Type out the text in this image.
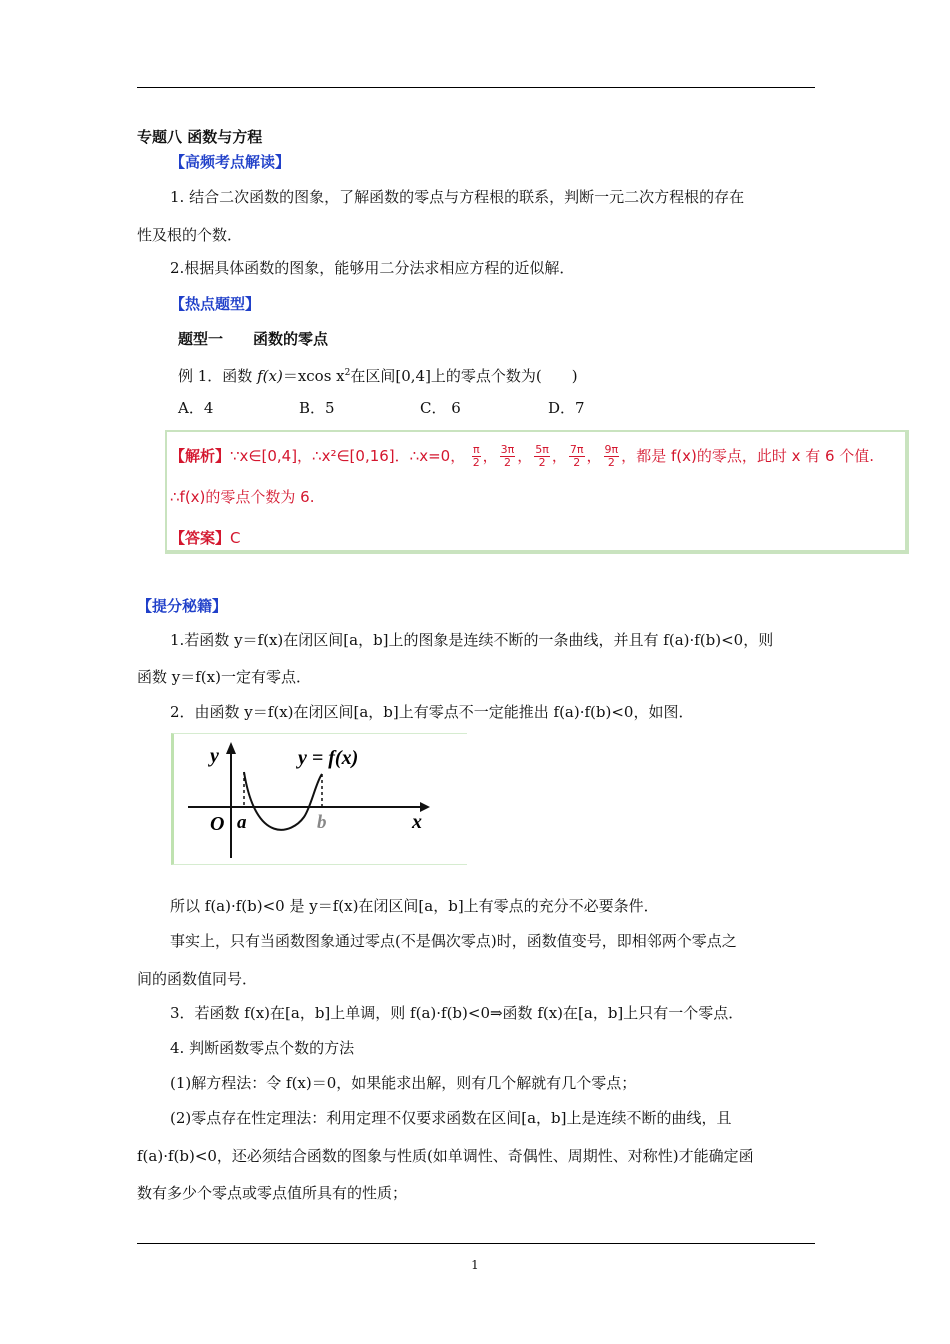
专题八 函数与方程
【高频考点解读】
1. 结合二次函数的图象，了解函数的零点与方程根的联系，判断一元二次方程根的存在
性及根的个数．
2.根据具体函数的图象，能够用二分法求相应方程的近似解．
【热点题型】
题型一　　函数的零点
例 1．函数 f(x)＝xcos $x^2$在区间[0,4]上的零点个数为(　　)
A．4	B．5	C． 6	D．7
【解析】∵x∈[0,4]，∴x²∈[0,16]．∴x=0， $\frac{\pi}{2}$ ， $\frac{3\pi}{2}$ ， $\frac{5\pi}{2}$ ， $\frac{7\pi}{2}$ ， $\frac{9\pi}{2}$ ，都是 f(x)的零点，此时 x 有 6 个值.
∴f(x)的零点个数为 6.
【答案】C
【提分秘籍】
1.若函数 y＝f(x)在闭区间[a，b]上的图象是连续不断的一条曲线，并且有 f(a)·f(b)<0，则
函数 y＝f(x)一定有零点．
2．由函数 y＝f(x)在闭区间[a，b]上有零点不一定能推出 f(a)·f(b)<0，如图．
y	y = f(x)
O a	b	x
所以 f(a)·f(b)<0 是 y＝f(x)在闭区间[a，b]上有零点的充分不必要条件．
事实上，只有当函数图象通过零点(不是偶次零点)时，函数值变号，即相邻两个零点之
间的函数值同号．
3．若函数 f(x)在[a，b]上单调，则 f(a)·f(b)<0⇒函数 f(x)在[a，b]上只有一个零点．
4. 判断函数零点个数的方法
(1)解方程法：令 f(x)＝0，如果能求出解，则有几个解就有几个零点；
(2)零点存在性定理法：利用定理不仅要求函数在区间[a，b]上是连续不断的曲线，且
f(a)·f(b)<0，还必须结合函数的图象与性质(如单调性、奇偶性、周期性、对称性)才能确定函
数有多少个零点或零点值所具有的性质；
1
